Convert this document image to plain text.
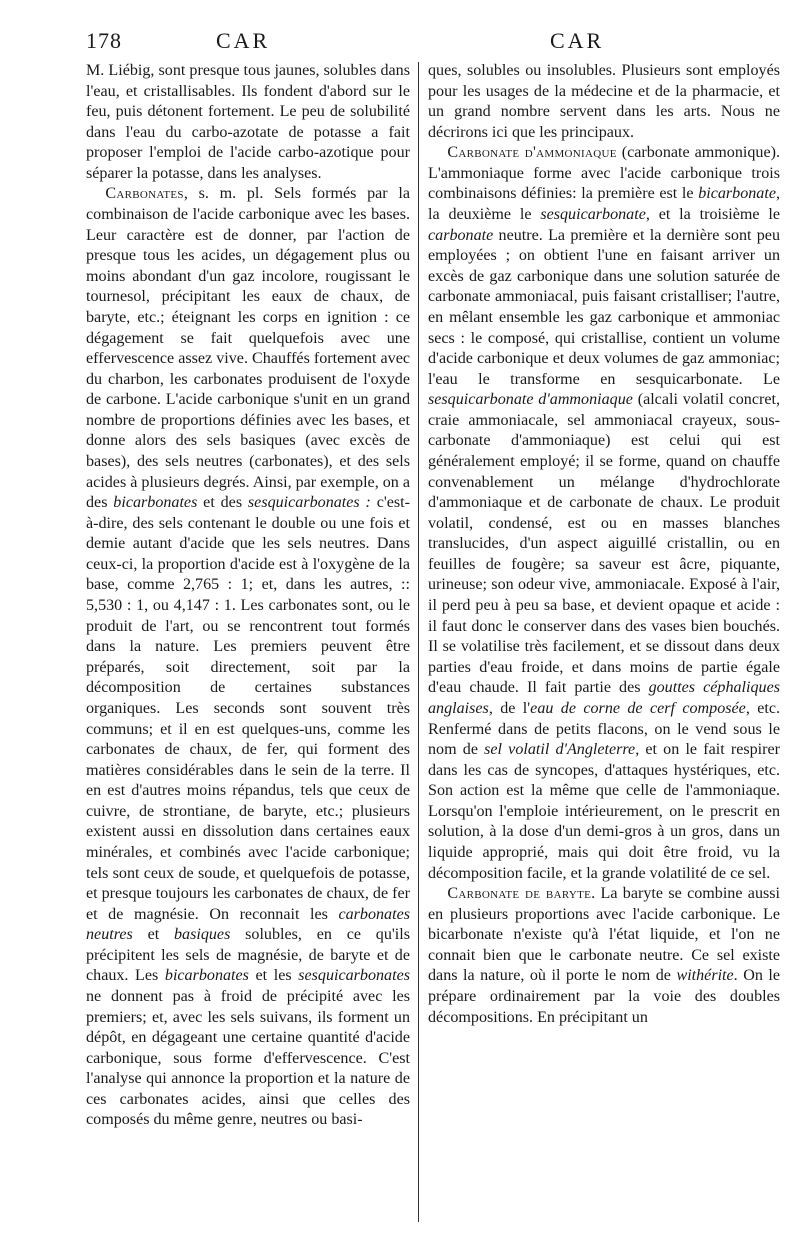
178	CAR	CAR

M. Liébig, sont presque tous jaunes, solubles dans l'eau, et cristallisables. Ils fondent d'abord sur le feu, puis détonent fortement. Le peu de solubilité dans l'eau du carbo-azotate de potasse a fait proposer l'emploi de l'acide carbo-azotique pour séparer la potasse, dans les analyses.

Carbonates, s. m. pl. Sels formés par la combinaison de l'acide carbonique avec les bases. Leur caractère est de donner, par l'action de presque tous les acides, un dégagement plus ou moins abondant d'un gaz incolore, rougissant le tournesol, précipitant les eaux de chaux, de baryte, etc.; éteignant les corps en ignition : ce dégagement se fait quelquefois avec une effervescence assez vive. Chauffés fortement avec du charbon, les carbonates produisent de l'oxyde de carbone. L'acide carbonique s'unit en un grand nombre de proportions définies avec les bases, et donne alors des sels basiques (avec excès de bases), des sels neutres (carbonates), et des sels acides à plusieurs degrés. Ainsi, par exemple, on a des bicarbonates et des sesquicarbonates : c'est-à-dire, des sels contenant le double ou une fois et demie autant d'acide que les sels neutres. Dans ceux-ci, la proportion d'acide est à l'oxygène de la base, comme 2,765 : 1; et, dans les autres, :: 5,530 : 1, ou 4,147 : 1. Les carbonates sont, ou le produit de l'art, ou se rencontrent tout formés dans la nature. Les premiers peuvent être préparés, soit directement, soit par la décomposition de certaines substances organiques. Les seconds sont souvent très communs; et il en est quelques-uns, comme les carbonates de chaux, de fer, qui forment des matières considérables dans le sein de la terre. Il en est d'autres moins répandus, tels que ceux de cuivre, de strontiane, de baryte, etc.; plusieurs existent aussi en dissolution dans certaines eaux minérales, et combinés avec l'acide carbonique; tels sont ceux de soude, et quelquefois de potasse, et presque toujours les carbonates de chaux, de fer et de magnésie. On reconnait les carbonates neutres et basiques solubles, en ce qu'ils précipitent les sels de magnésie, de baryte et de chaux. Les bicarbonates et les sesquicarbonates ne donnent pas à froid de précipité avec les premiers; et, avec les sels suivans, ils forment un dépôt, en dégageant une certaine quantité d'acide carbonique, sous forme d'effervescence. C'est l'analyse qui annonce la proportion et la nature de ces carbonates acides, ainsi que celles des composés du même genre, neutres ou basi-

ques, solubles ou insolubles. Plusieurs sont employés pour les usages de la médecine et de la pharmacie, et un grand nombre servent dans les arts. Nous ne décrirons ici que les principaux.

Carbonate d'ammoniaque (carbonate ammonique). L'ammoniaque forme avec l'acide carbonique trois combinaisons définies: la première est le bicarbonate, la deuxième le sesquicarbonate, et la troisième le carbonate neutre. La première et la dernière sont peu employées ; on obtient l'une en faisant arriver un excès de gaz carbonique dans une solution saturée de carbonate ammoniacal, puis faisant cristalliser; l'autre, en mêlant ensemble les gaz carbonique et ammoniac secs : le composé, qui cristallise, contient un volume d'acide carbonique et deux volumes de gaz ammoniac; l'eau le transforme en sesquicarbonate. Le sesquicarbonate d'ammoniaque (alcali volatil concret, craie ammoniacale, sel ammoniacal crayeux, sous-carbonate d'ammoniaque) est celui qui est généralement employé; il se forme, quand on chauffe convenablement un mélange d'hydrochlorate d'ammoniaque et de carbonate de chaux. Le produit volatil, condensé, est ou en masses blanches translucides, d'un aspect aiguillé cristallin, ou en feuilles de fougère; sa saveur est âcre, piquante, urineuse; son odeur vive, ammoniacale. Exposé à l'air, il perd peu à peu sa base, et devient opaque et acide : il faut donc le conserver dans des vases bien bouchés. Il se volatilise très facilement, et se dissout dans deux parties d'eau froide, et dans moins de partie égale d'eau chaude. Il fait partie des gouttes céphaliques anglaises, de l'eau de corne de cerf composée, etc. Renfermé dans de petits flacons, on le vend sous le nom de sel volatil d'Angleterre, et on le fait respirer dans les cas de syncopes, d'attaques hystériques, etc. Son action est la même que celle de l'ammoniaque. Lorsqu'on l'emploie intérieurement, on le prescrit en solution, à la dose d'un demi-gros à un gros, dans un liquide approprié, mais qui doit être froid, vu la décomposition facile, et la grande volatilité de ce sel.

Carbonate de baryte. La baryte se combine aussi en plusieurs proportions avec l'acide carbonique. Le bicarbonate n'existe qu'à l'état liquide, et l'on ne connait bien que le carbonate neutre. Ce sel existe dans la nature, où il porte le nom de withérite. On le prépare ordinairement par la voie des doubles décompositions. En précipitant un
